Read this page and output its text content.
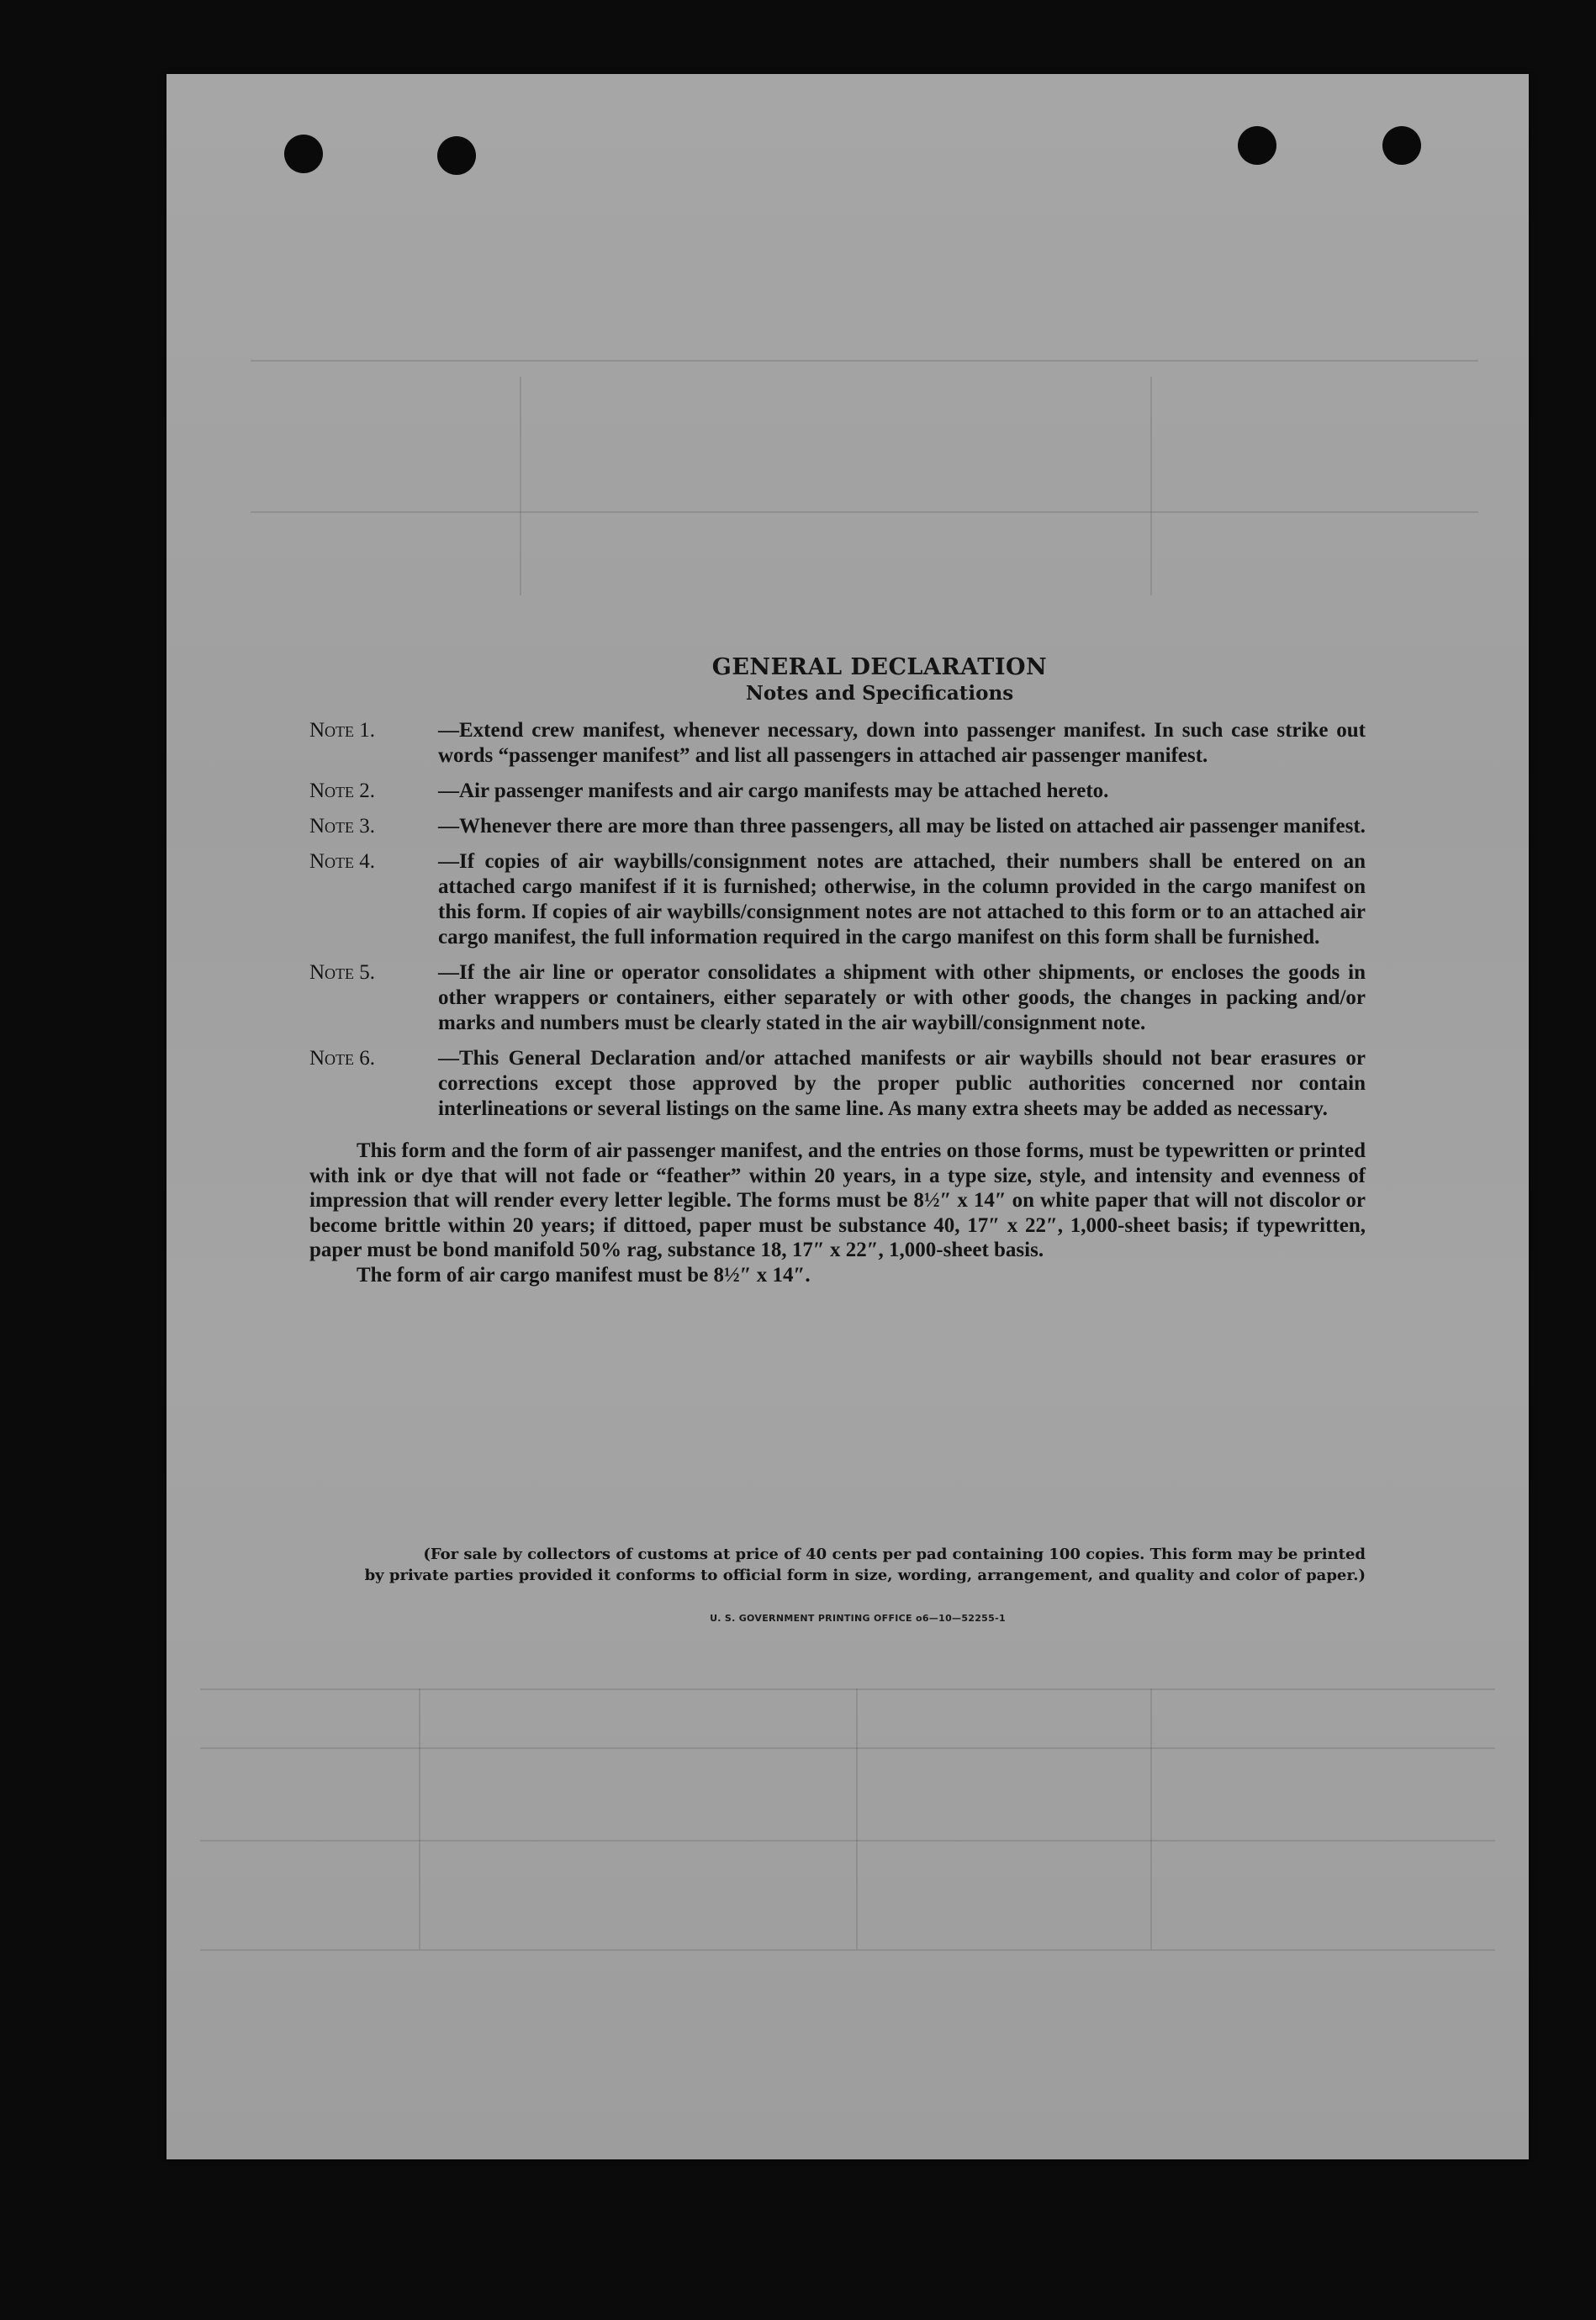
GENERAL DECLARATION
Notes and Specifications
Note 1.	—Extend crew manifest, whenever necessary, down into passenger manifest. In such case strike out words “passenger manifest” and list all passengers in attached air passenger manifest.
Note 2.	—Air passenger manifests and air cargo manifests may be attached hereto.
Note 3.	—Whenever there are more than three passengers, all may be listed on attached air passenger manifest.
Note 4.	—If copies of air waybills/consignment notes are attached, their numbers shall be entered on an attached cargo manifest if it is furnished; otherwise, in the column provided in the cargo manifest on this form. If copies of air waybills/consignment notes are not attached to this form or to an attached air cargo manifest, the full information required in the cargo manifest on this form shall be furnished.
Note 5.	—If the air line or operator consolidates a shipment with other shipments, or encloses the goods in other wrappers or containers, either separately or with other goods, the changes in packing and/or marks and numbers must be clearly stated in the air waybill/consignment note.
Note 6.	—This General Declaration and/or attached manifests or air waybills should not bear erasures or corrections except those approved by the proper public authorities concerned nor contain interlineations or several listings on the same line. As many extra sheets may be added as necessary.
This form and the form of air passenger manifest, and the entries on those forms, must be typewritten or printed with ink or dye that will not fade or “feather” within 20 years, in a type size, style, and intensity and evenness of impression that will render every letter legible. The forms must be 8½″ x 14″ on white paper that will not discolor or become brittle within 20 years; if dittoed, paper must be substance 40, 17″ x 22″, 1,000-sheet basis; if typewritten, paper must be bond manifold 50% rag, substance 18, 17″ x 22″, 1,000-sheet basis.
The form of air cargo manifest must be 8½″ x 14″.
(For sale by collectors of customs at price of 40 cents per pad containing 100 copies. This form may be printed
by private parties provided it conforms to official form in size, wording, arrangement, and quality and color of paper.)
U. S. GOVERNMENT PRINTING OFFICE o6—10—52255-1
